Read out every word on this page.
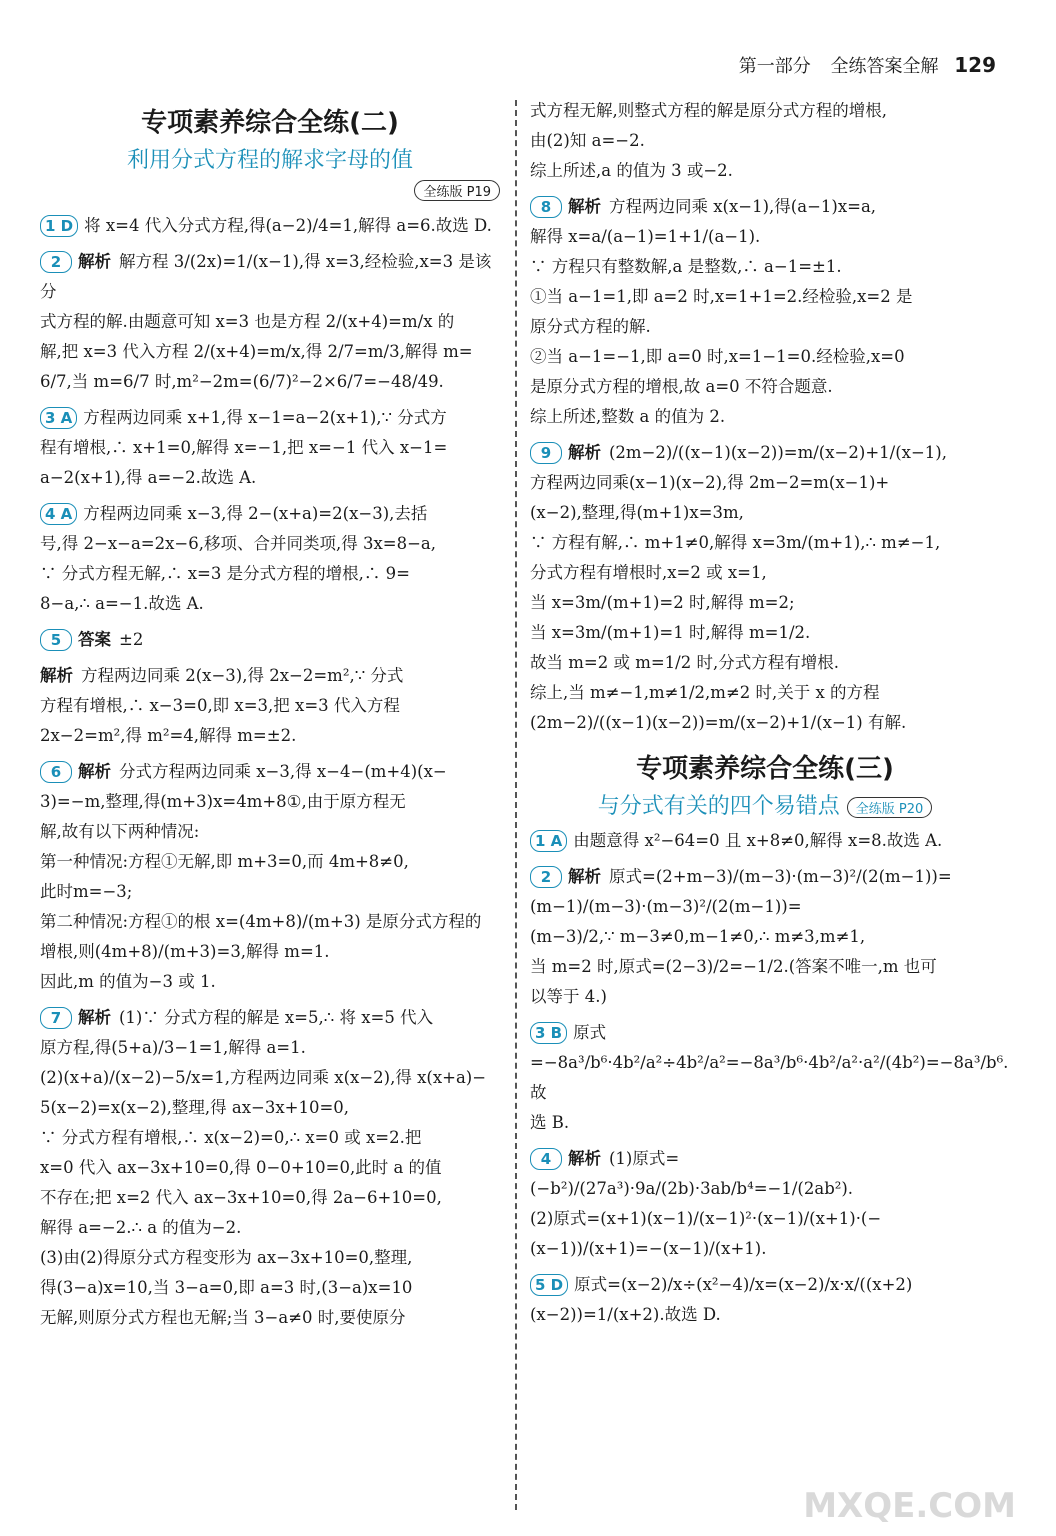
第一部分 全练答案全解 129
专项素养综合全练(二)
利用分式方程的解求字母的值
全练版 P19
1 D 将 x=4 代入分式方程,得(a−2)/4=1,解得 a=6.故选 D.
2 解析 解方程 3/(2x)=1/(x−1),得 x=3,经检验,x=3 是该分
式方程的解.由题意可知 x=3 也是方程 2/(x+4)=m/x 的
解,把 x=3 代入方程 2/(x+4)=m/x,得 2/7=m/3,解得 m=
6/7,当 m=6/7 时,m²−2m=(6/7)²−2×6/7=−48/49.
3 A 方程两边同乘 x+1,得 x−1=a−2(x+1),∵ 分式方
程有增根,∴ x+1=0,解得 x=−1,把 x=−1 代入 x−1=
a−2(x+1),得 a=−2.故选 A.
4 A 方程两边同乘 x−3,得 2−(x+a)=2(x−3),去括
号,得 2−x−a=2x−6,移项、合并同类项,得 3x=8−a,
∵ 分式方程无解,∴ x=3 是分式方程的增根,∴ 9=
8−a,∴ a=−1.故选 A.
5 答案 ±2
解析 方程两边同乘 2(x−3),得 2x−2=m²,∵ 分式
方程有增根,∴ x−3=0,即 x=3,把 x=3 代入方程
2x−2=m²,得 m²=4,解得 m=±2.
6 解析 分式方程两边同乘 x−3,得 x−4−(m+4)(x−
3)=−m,整理,得(m+3)x=4m+8①,由于原方程无
解,故有以下两种情况:
第一种情况:方程①无解,即 m+3=0,而 4m+8≠0,
此时m=−3;
第二种情况:方程①的根 x=(4m+8)/(m+3) 是原分式方程的
增根,则(4m+8)/(m+3)=3,解得 m=1.
因此,m 的值为−3 或 1.
7 解析 (1)∵ 分式方程的解是 x=5,∴ 将 x=5 代入
原方程,得(5+a)/3−1=1,解得 a=1.
(2)(x+a)/(x−2)−5/x=1,方程两边同乘 x(x−2),得 x(x+a)−
5(x−2)=x(x−2),整理,得 ax−3x+10=0,
∵ 分式方程有增根,∴ x(x−2)=0,∴ x=0 或 x=2.把
x=0 代入 ax−3x+10=0,得 0−0+10=0,此时 a 的值
不存在;把 x=2 代入 ax−3x+10=0,得 2a−6+10=0,
解得 a=−2.∴ a 的值为−2.
(3)由(2)得原分式方程变形为 ax−3x+10=0,整理,
得(3−a)x=10,当 3−a=0,即 a=3 时,(3−a)x=10
无解,则原分式方程也无解;当 3−a≠0 时,要使原分
式方程无解,则整式方程的解是原分式方程的增根,
由(2)知 a=−2.
综上所述,a 的值为 3 或−2.
8 解析 方程两边同乘 x(x−1),得(a−1)x=a,
解得 x=a/(a−1)=1+1/(a−1).
∵ 方程只有整数解,a 是整数,∴ a−1=±1.
①当 a−1=1,即 a=2 时,x=1+1=2.经检验,x=2 是
原分式方程的解.
②当 a−1=−1,即 a=0 时,x=1−1=0.经检验,x=0
是原分式方程的增根,故 a=0 不符合题意.
综上所述,整数 a 的值为 2.
9 解析 (2m−2)/((x−1)(x−2))=m/(x−2)+1/(x−1),
方程两边同乘(x−1)(x−2),得 2m−2=m(x−1)+
(x−2),整理,得(m+1)x=3m,
∵ 方程有解,∴ m+1≠0,解得 x=3m/(m+1),∴ m≠−1,
分式方程有增根时,x=2 或 x=1,
当 x=3m/(m+1)=2 时,解得 m=2;
当 x=3m/(m+1)=1 时,解得 m=1/2.
故当 m=2 或 m=1/2 时,分式方程有增根.
综上,当 m≠−1,m≠1/2,m≠2 时,关于 x 的方程
(2m−2)/((x−1)(x−2))=m/(x−2)+1/(x−1) 有解.
专项素养综合全练(三)
与分式有关的四个易错点 全练版 P20
1 A 由题意得 x²−64=0 且 x+8≠0,解得 x=8.故选 A.
2 解析 原式=(2+m−3)/(m−3)·(m−3)²/(2(m−1))=(m−1)/(m−3)·(m−3)²/(2(m−1))=
(m−3)/2,∵ m−3≠0,m−1≠0,∴ m≠3,m≠1,
当 m=2 时,原式=(2−3)/2=−1/2.(答案不唯一,m 也可
以等于 4.)
3 B 原式=−8a³/b⁶·4b²/a²÷4b²/a²=−8a³/b⁶·4b²/a²·a²/(4b²)=−8a³/b⁶.故
选 B.
4 解析 (1)原式=(−b²)/(27a³)·9a/(2b)·3ab/b⁴=−1/(2ab²).
(2)原式=(x+1)(x−1)/(x−1)²·(x−1)/(x+1)·(−(x−1))/(x+1)=−(x−1)/(x+1).
5 D 原式=(x−2)/x÷(x²−4)/x=(x−2)/x·x/((x+2)(x−2))=1/(x+2).故选 D.
MXQE.COM
